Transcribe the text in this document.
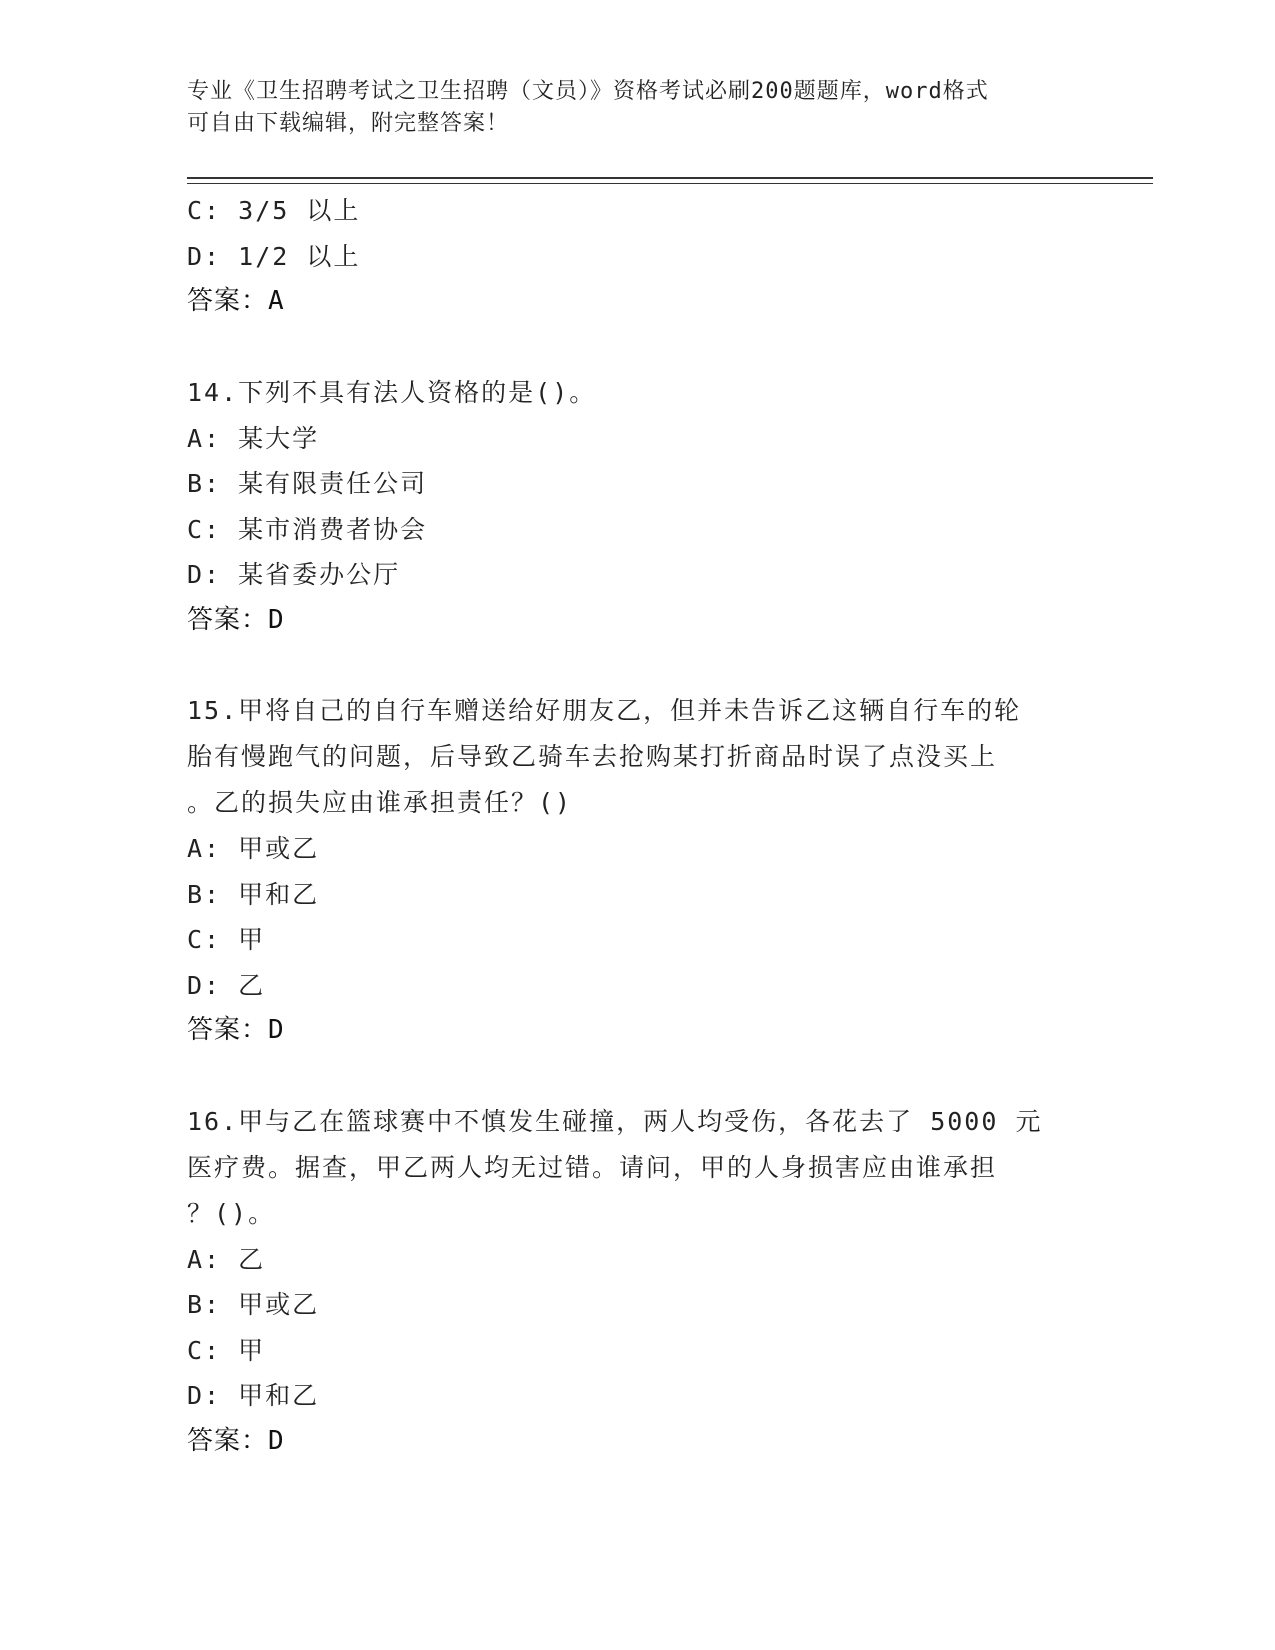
专业《卫生招聘考试之卫生招聘（文员）》资格考试必刷200题题库，word格式
可自由下载编辑，附完整答案！
C: 3/5 以上
D: 1/2 以上
答案：A
14.下列不具有法人资格的是()。
A: 某大学
B: 某有限责任公司
C: 某市消费者协会
D: 某省委办公厅
答案：D
15.甲将自己的自行车赠送给好朋友乙，但并未告诉乙这辆自行车的轮
胎有慢跑气的问题，后导致乙骑车去抢购某打折商品时误了点没买上
。乙的损失应由谁承担责任？()
A: 甲或乙
B: 甲和乙
C: 甲
D: 乙
答案：D
16.甲与乙在篮球赛中不慎发生碰撞，两人均受伤，各花去了 5000 元
医疗费。据查，甲乙两人均无过错。请问，甲的人身损害应由谁承担
？()。
A: 乙
B: 甲或乙
C: 甲
D: 甲和乙
答案：D
